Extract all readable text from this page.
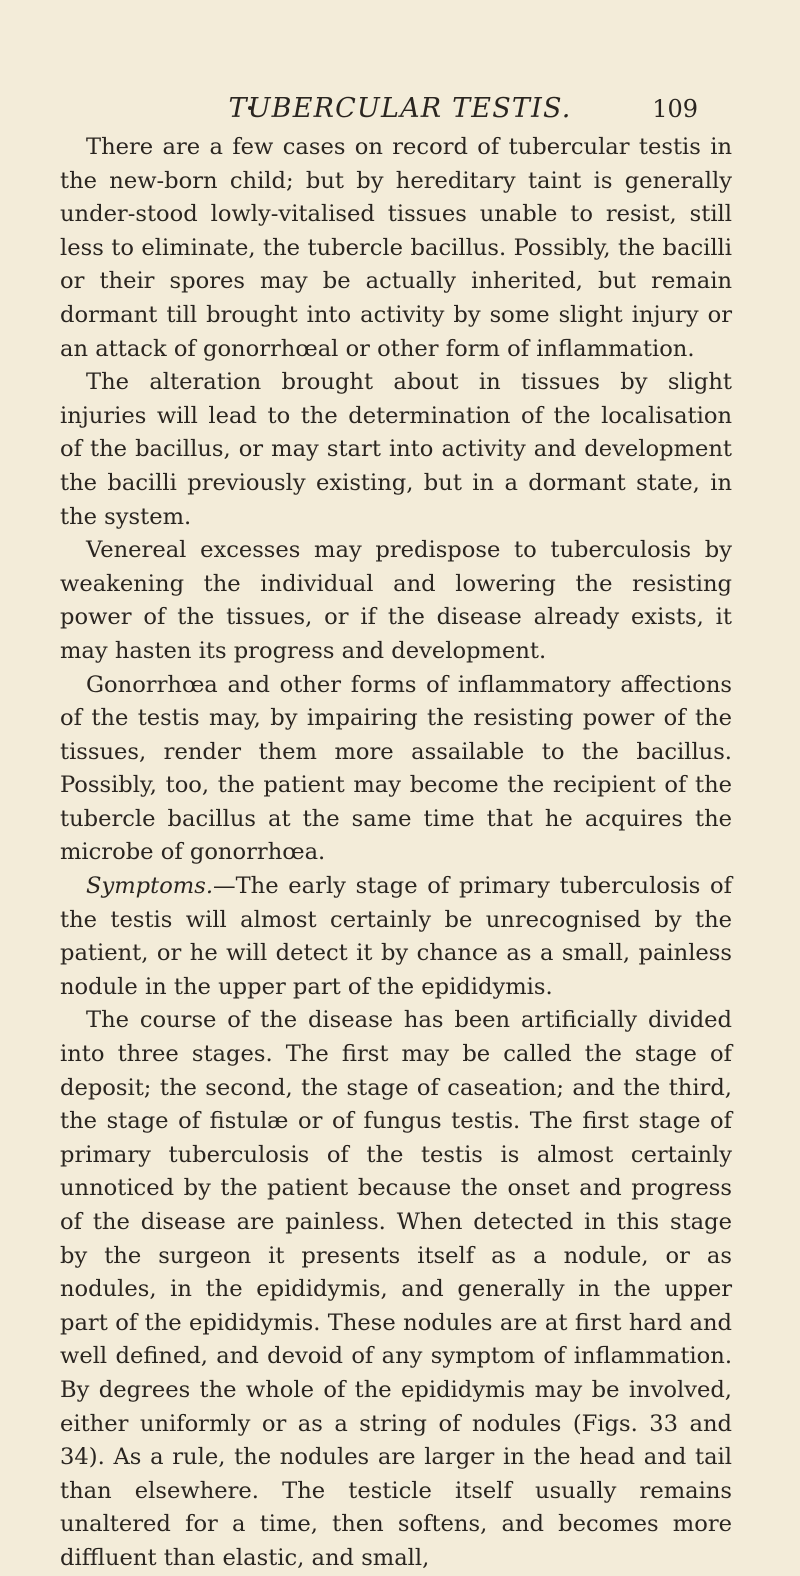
TUBERCULAR TESTIS.	109

There are a few cases on record of tubercular testis in the new-born child; but by hereditary taint is generally under-stood lowly-vitalised tissues unable to resist, still less to eliminate, the tubercle bacillus. Possibly, the bacilli or their spores may be actually inherited, but remain dormant till brought into activity by some slight injury or an attack of gonorrhœal or other form of inflammation.

The alteration brought about in tissues by slight injuries will lead to the determination of the localisation of the bacillus, or may start into activity and development the bacilli previously existing, but in a dormant state, in the system.

Venereal excesses may predispose to tuberculosis by weakening the individual and lowering the resisting power of the tissues, or if the disease already exists, it may hasten its progress and development.

Gonorrhœa and other forms of inflammatory affections of the testis may, by impairing the resisting power of the tissues, render them more assailable to the bacillus. Possibly, too, the patient may become the recipient of the tubercle bacillus at the same time that he acquires the microbe of gonorrhœa.

Symptoms.—The early stage of primary tuberculosis of the testis will almost certainly be unrecognised by the patient, or he will detect it by chance as a small, painless nodule in the upper part of the epididymis.

The course of the disease has been artificially divided into three stages. The first may be called the stage of deposit; the second, the stage of caseation; and the third, the stage of fistulæ or of fungus testis. The first stage of primary tuberculosis of the testis is almost certainly unnoticed by the patient because the onset and progress of the disease are painless. When detected in this stage by the surgeon it presents itself as a nodule, or as nodules, in the epididymis, and generally in the upper part of the epididymis. These nodules are at first hard and well defined, and devoid of any symptom of inflammation. By degrees the whole of the epididymis may be involved, either uniformly or as a string of nodules (Figs. 33 and 34). As a rule, the nodules are larger in the head and tail than elsewhere. The testicle itself usually remains unaltered for a time, then softens, and becomes more diffluent than elastic, and small,
